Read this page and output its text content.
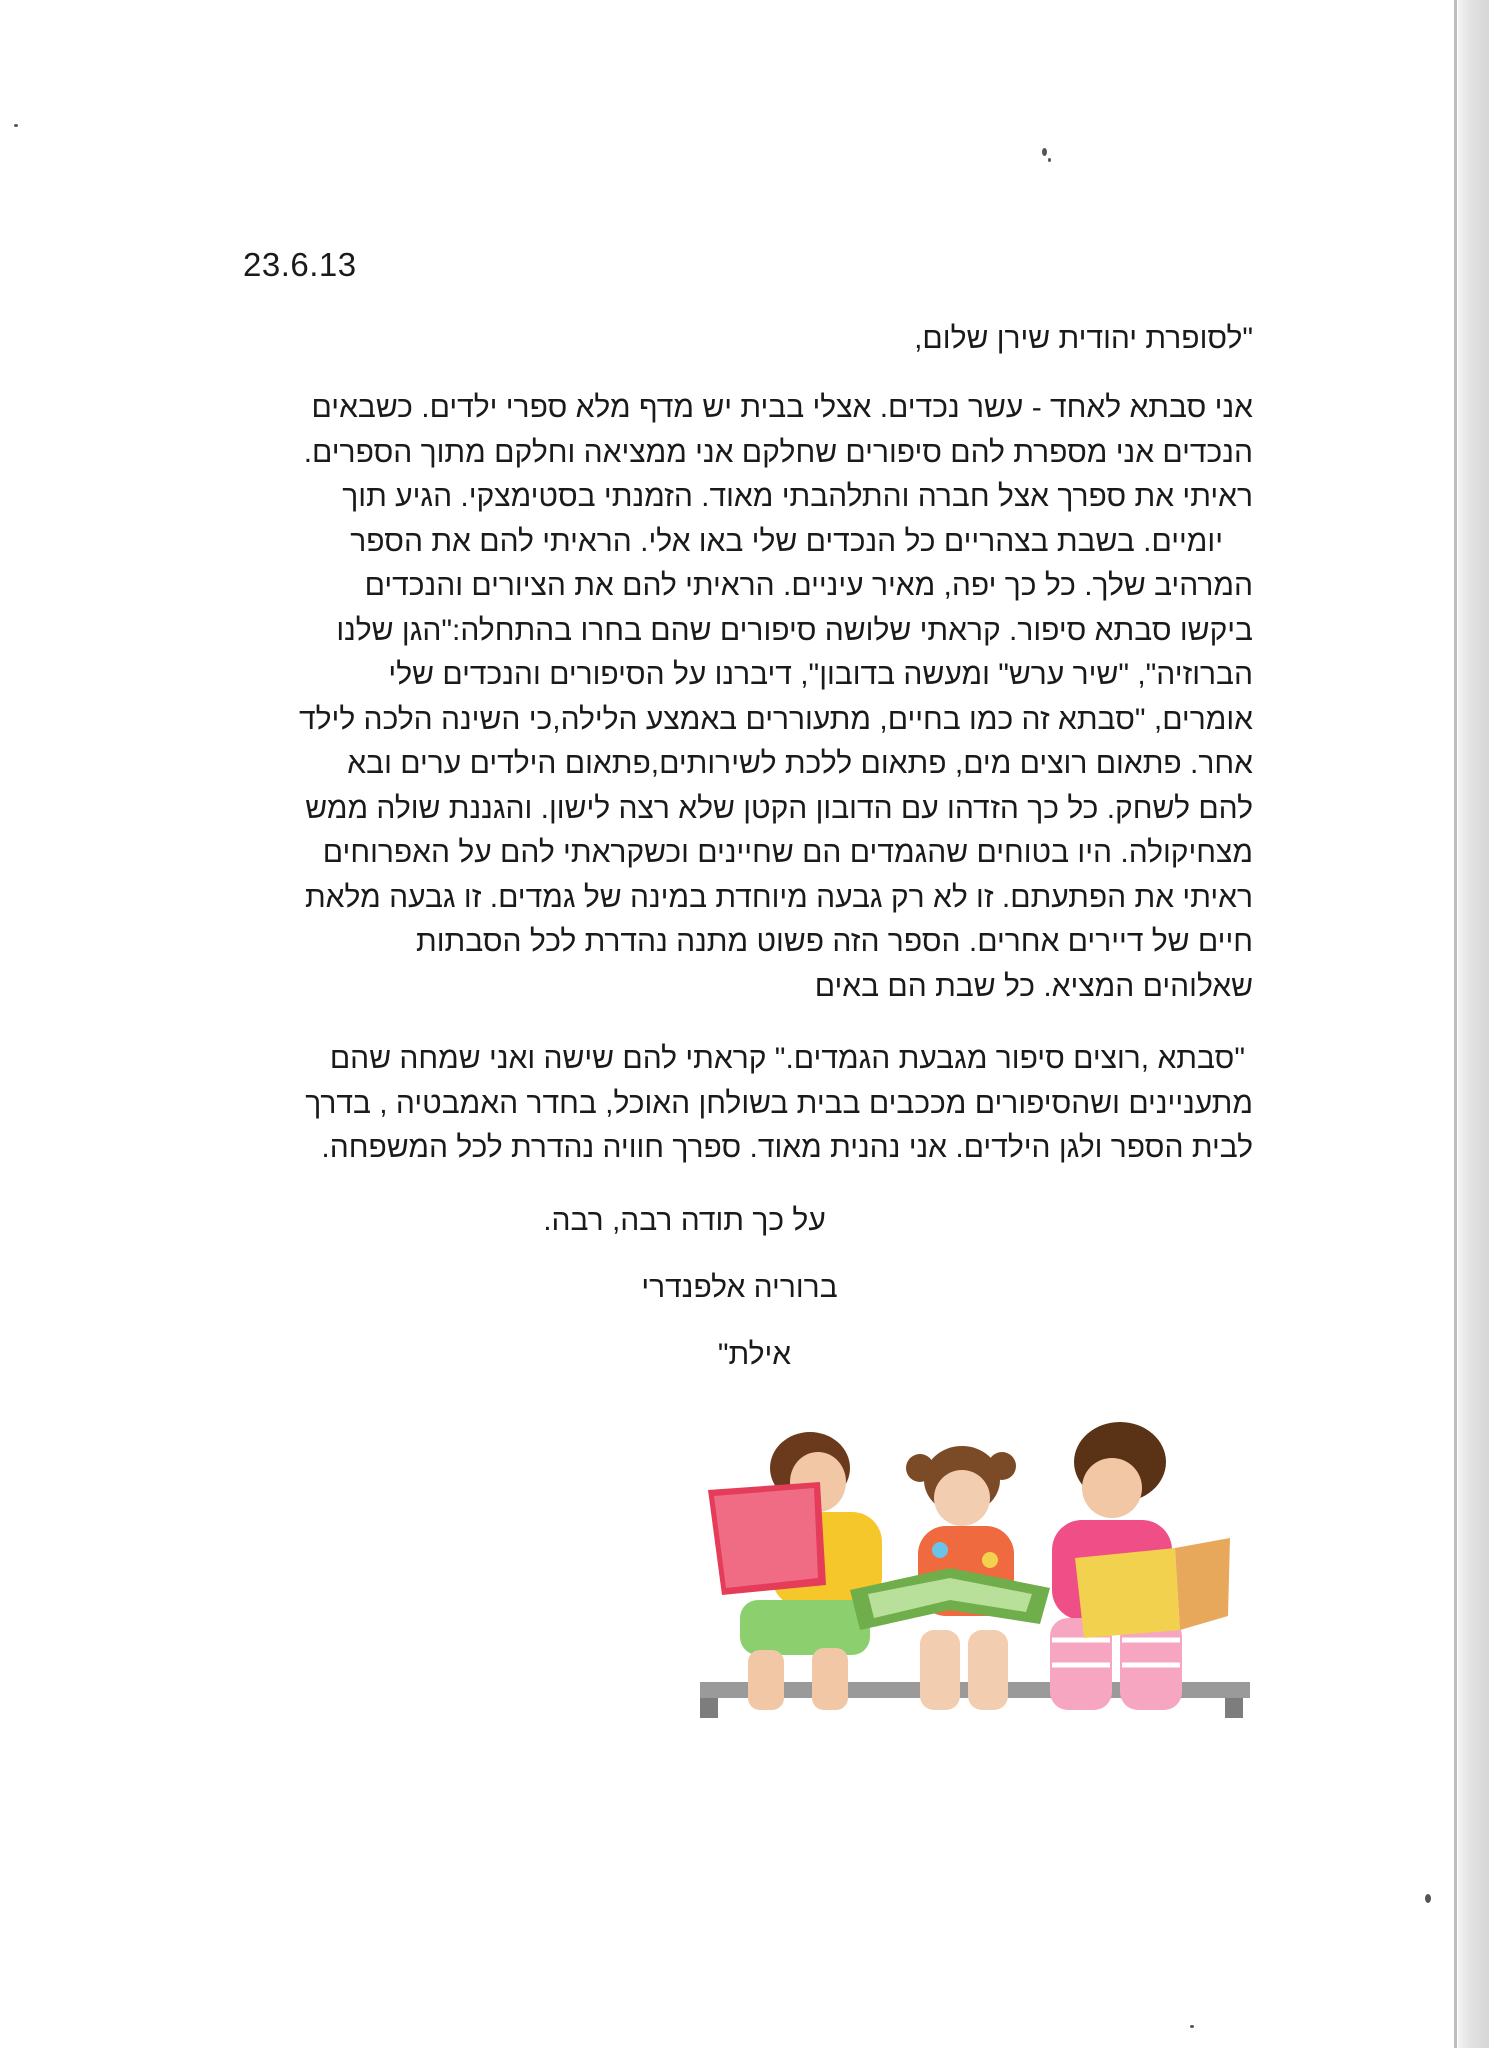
23.6.13
"לסופרת יהודית שירן שלום,
אני סבתא לאחד - עשר נכדים. אצלי בבית יש מדף מלא ספרי ילדים. כשבאים
הנכדים אני מספרת להם סיפורים שחלקם אני ממציאה וחלקם מתוך הספרים.
ראיתי את ספרך אצל חברה והתלהבתי מאוד. הזמנתי בסטימצקי. הגיע תוך
יומיים. בשבת בצהריים כל הנכדים שלי באו אלי. הראיתי להם את הספר
המרהיב שלך. כל כך יפה, מאיר עיניים. הראיתי להם את הציורים והנכדים
ביקשו סבתא סיפור. קראתי שלושה סיפורים שהם בחרו בהתחלה:"הגן שלנו
הברוזיה", "שיר ערש" ומעשה בדובון", דיברנו על הסיפורים והנכדים שלי
אומרים, "סבתא זה כמו בחיים, מתעוררים באמצע הלילה,כי השינה הלכה לילד
אחר. פתאום רוצים מים, פתאום ללכת לשירותים,פתאום הילדים ערים ובא
להם לשחק. כל כך הזדהו עם הדובון הקטן שלא רצה לישון. והגננת שולה ממש
מצחיקולה. היו בטוחים שהגמדים הם שחיינים וכשקראתי להם על האפרוחים
ראיתי את הפתעתם. זו לא רק גבעה מיוחדת במינה של גמדים. זו גבעה מלאת
חיים של דיירים אחרים. הספר הזה פשוט מתנה נהדרת לכל הסבתות
שאלוהים המציא. כל שבת הם באים
"סבתא ,רוצים סיפור מגבעת הגמדים." קראתי להם שישה ואני שמחה שהם
מתעניינים ושהסיפורים מככבים בבית בשולחן האוכל, בחדר האמבטיה , בדרך
לבית הספר ולגן הילדים. אני נהנית מאוד. ספרך חוויה נהדרת לכל המשפחה.
על כך תודה רבה, רבה.
ברוריה אלפנדרי
אילת"
